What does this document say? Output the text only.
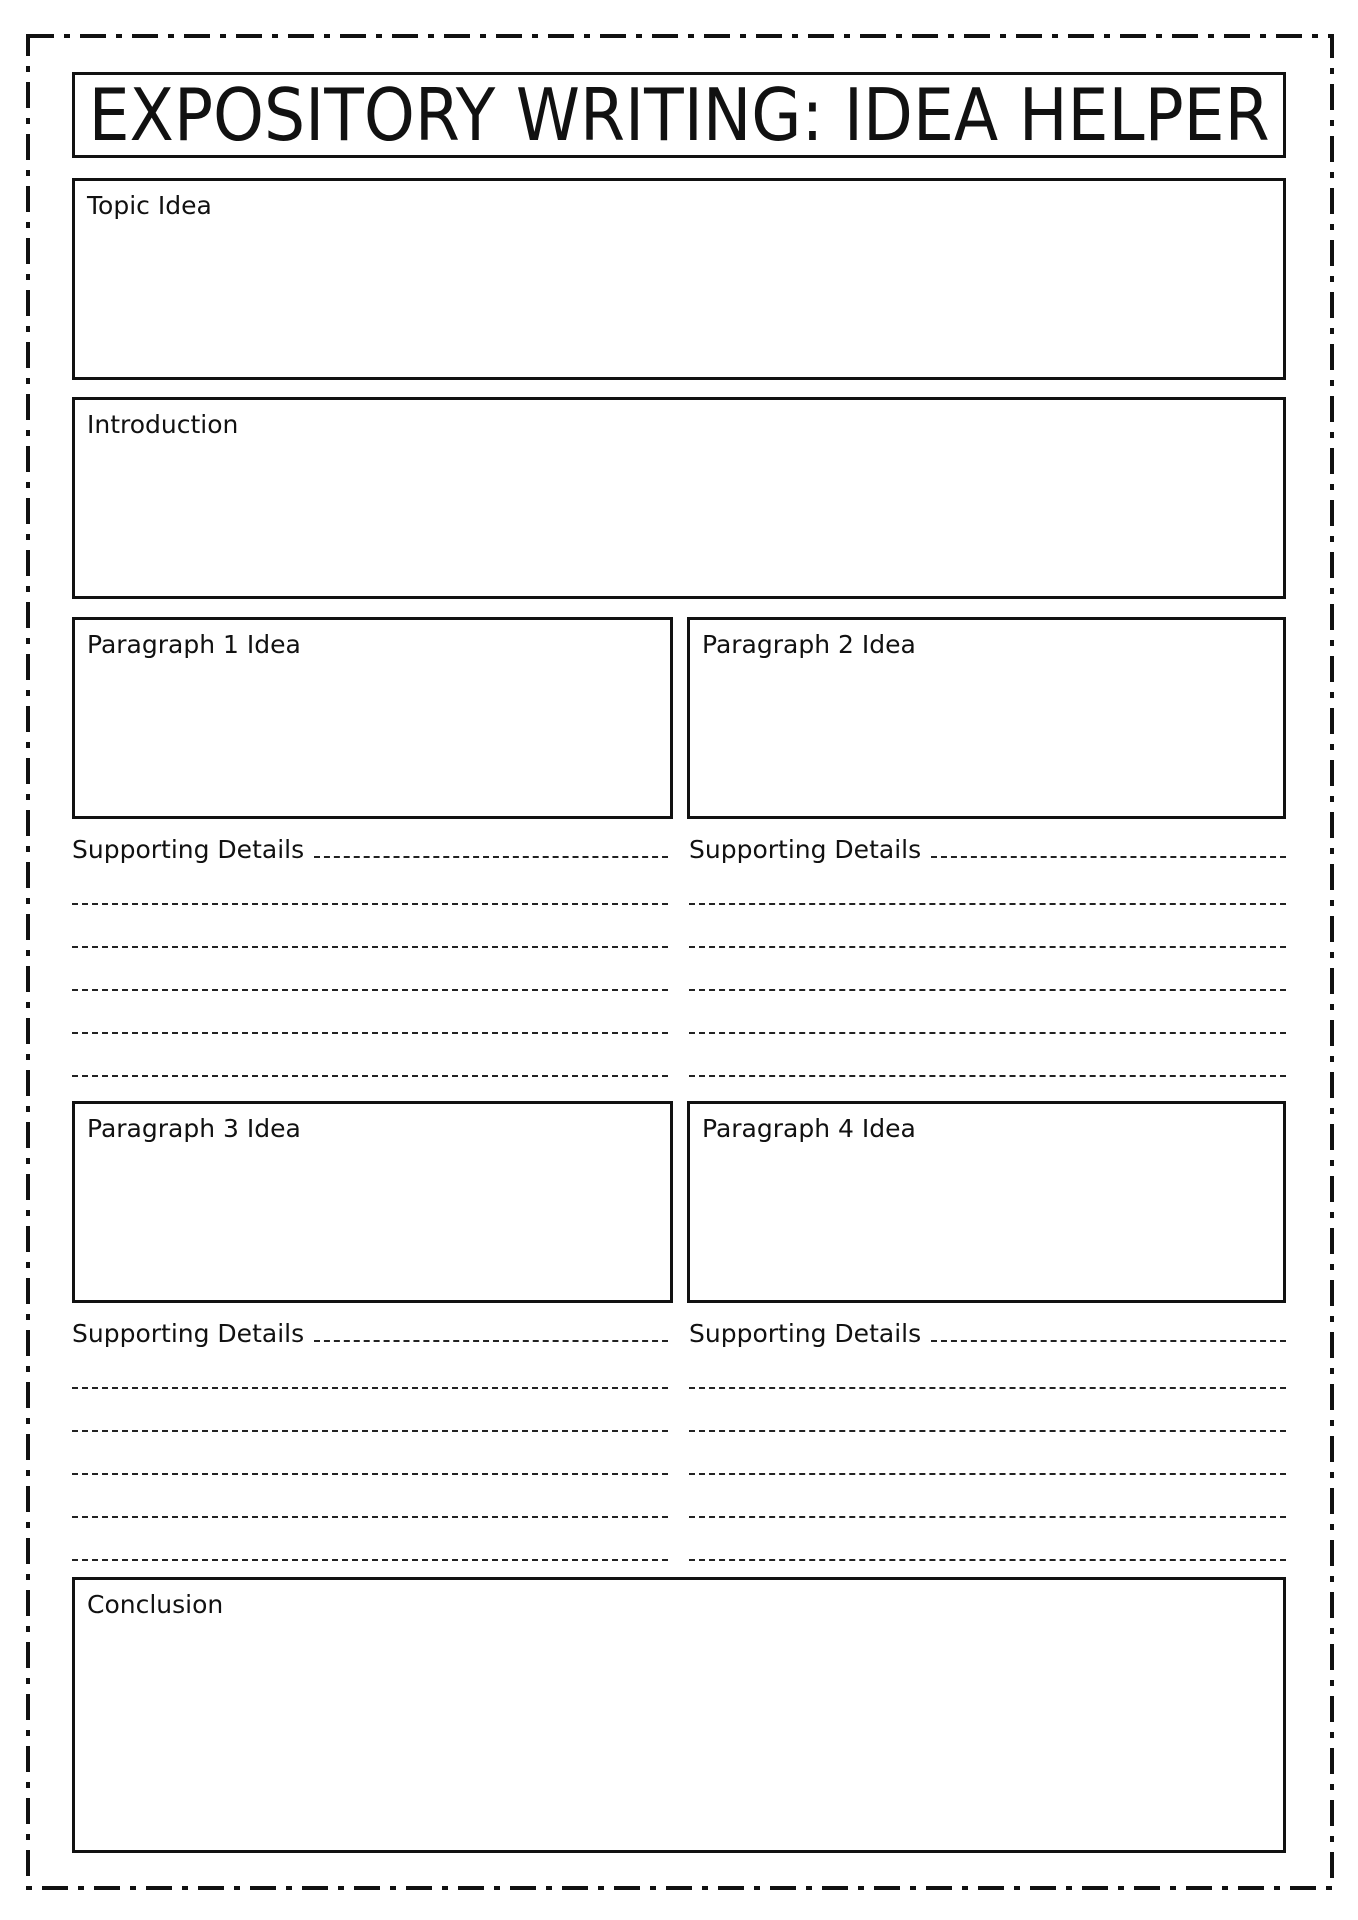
EXPOSITORY WRITING: IDEA HELPER
Topic Idea
Introduction
Paragraph 1 Idea	Paragraph 2 Idea
Supporting Details	Supporting Details
Paragraph 3 Idea	Paragraph 4 Idea
Supporting Details	Supporting Details
Conclusion
